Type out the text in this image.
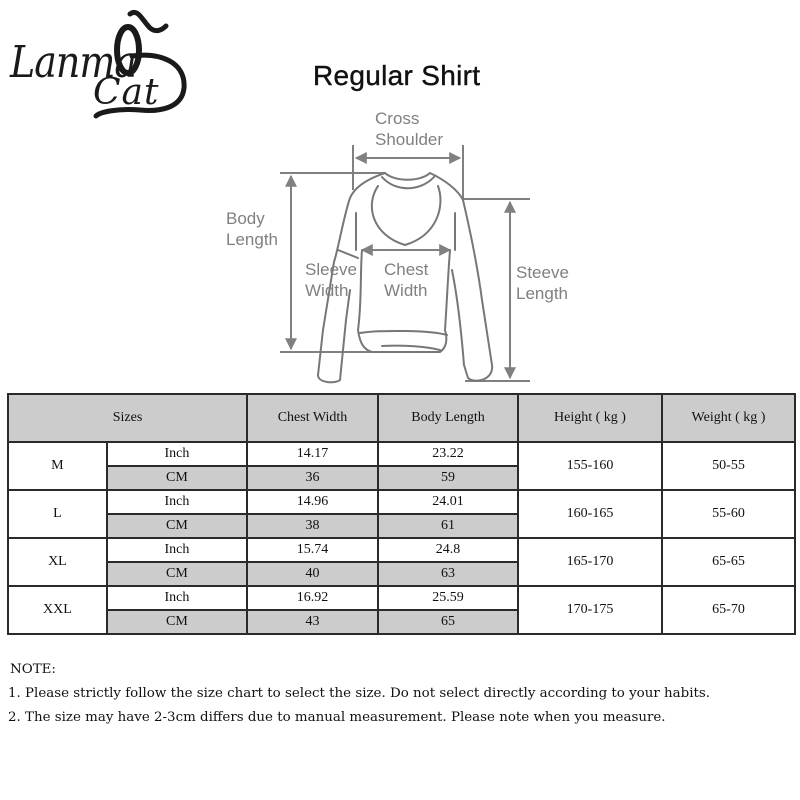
Lanma
Cat	Regular Shirt
Cross
Shoulder
Body
Length
Sleeve
Width
Chest
Width
Steeve
Length
Sizes		Chest Width	Body Length	Height ( kg )	Weight ( kg )
M	Inch	14.17	23.22	155-160	50-55
	CM	36	59		
L	Inch	14.96	24.01	160-165	55-60
	CM	38	61		
XL	Inch	15.74	24.8	165-170	65-65
	CM	40	63		
XXL	Inch	16.92	25.59	170-175	65-70
	CM	43	65		
NOTE:
1. Please strictly follow the size chart to select the size. Do not select directly according to your habits.
2. The size may have 2-3cm differs due to manual measurement. Please note when you measure.
